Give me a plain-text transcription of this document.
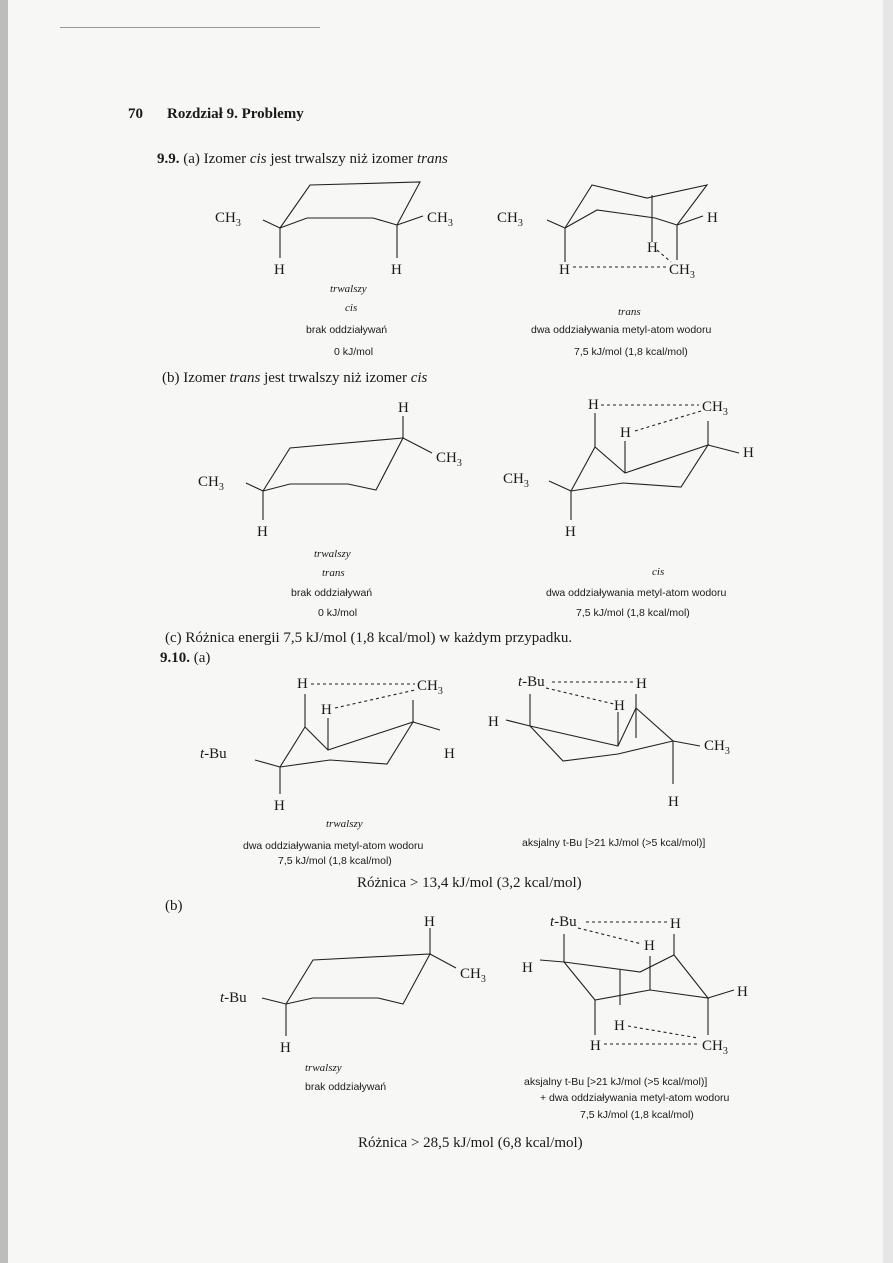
70 Rozdział 9. Problemy
9.9. (a) Izomer cis jest trwalszy niż izomer trans
$CH_3$	$CH_3$
H	H
trwalszy
cis
brak oddziaływań
0 kJ/mol
$CH_3$	H
H
H	$CH_3$
trans
dwa oddziaływania metyl-atom wodoru
7,5 kJ/mol (1,8 kcal/mol)
(b) Izomer trans jest trwalszy niż izomer cis
$CH_3$
H
$CH_3$
H
trwalszy
trans
brak oddziaływań
0 kJ/mol
H	$CH_3$
H
H
$CH_3$
H
cis
dwa oddziaływania metyl-atom wodoru
7,5 kJ/mol (1,8 kcal/mol)
(c) Różnica energii 7,5 kJ/mol (1,8 kcal/mol) w każdym przypadku.
9.10. (a)
H	$CH_3$
H
H
t-Bu
H
trwalszy
dwa oddziaływania metyl-atom wodoru
7,5 kJ/mol (1,8 kcal/mol)
t-Bu	H
H
H
$CH_3$
H
aksjalny t-Bu [>21 kJ/mol (>5 kcal/mol)]
Różnica > 13,4 kJ/mol (3,2 kcal/mol)
(b)
H
$CH_3$
t-Bu
H
trwalszy
brak oddziaływań
t-Bu	H
H
H
H
H
H	$CH_3$
aksjalny t-Bu [>21 kJ/mol (>5 kcal/mol)]
+ dwa oddziaływania metyl-atom wodoru
7,5 kJ/mol (1,8 kcal/mol)
Różnica > 28,5 kJ/mol (6,8 kcal/mol)
